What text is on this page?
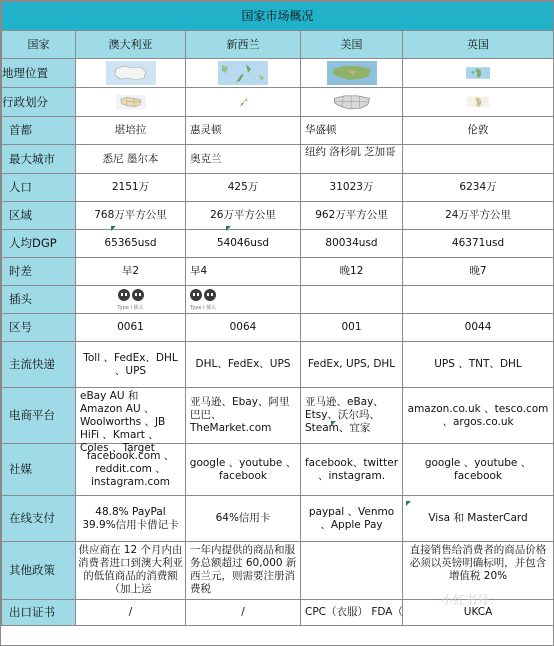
国家市场概况				
国家	澳大利亚	新西兰	美国	英国
地理位置	

行政划分	

首都	堪培拉	惠灵顿	华盛顿	伦敦
最大城市	悉尼 墨尔本	奥克兰	纽约 洛杉矶 芝加哥	

人口	2151万	425万	31023万	6234万
区域	768万平方公里	26万平方公里	962万平方公里	24万平方公里
人均DGP	65365usd	54046usd	80034usd	46371usd
时差	早2	早4	晚12	晚7
插头	Type I 插头	Type I 插头		

区号	0061	0064	001	0044
主流快递	Toll 、FedEx、DHL 、UPS	DHL、FedEx、UPS	FedEx, UPS, DHL	UPS 、TNT、DHL
电商平台	eBay AU 和 Amazon AU 、Woolworths 、JB HiFi 、Kmart 、Coles 、Target	亚马逊、Ebay、阿里巴巴、TheMarket.com	亚马逊、eBay、Etsy、沃尔玛、Steam、宜家	amazon.co.uk 、tesco.com 、argos.co.uk
社媒	facebook.com 、reddit.com 、instagram.com	google 、youtube 、facebook	facebook、twitter 、instagram.	google 、youtube 、facebook
在线支付	48.8% PayPal 39.9%信用卡借记卡	64%信用卡	paypal 、Venmo 、Apple Pay	Visa 和 MasterCard
其他政策	供应商在 12 个月内由消费者进口到澳大利亚的低值商品的消费额（加上运	一年内提供的商品和服务总额超过 60,000 新西兰元，则需要注册消费税		直接销售给消费者的商品价格必须以英镑明确标明，并包含增值税 20%

出口证书	/	/	CPC（衣服） FDA（	UKCA
小红书号：
